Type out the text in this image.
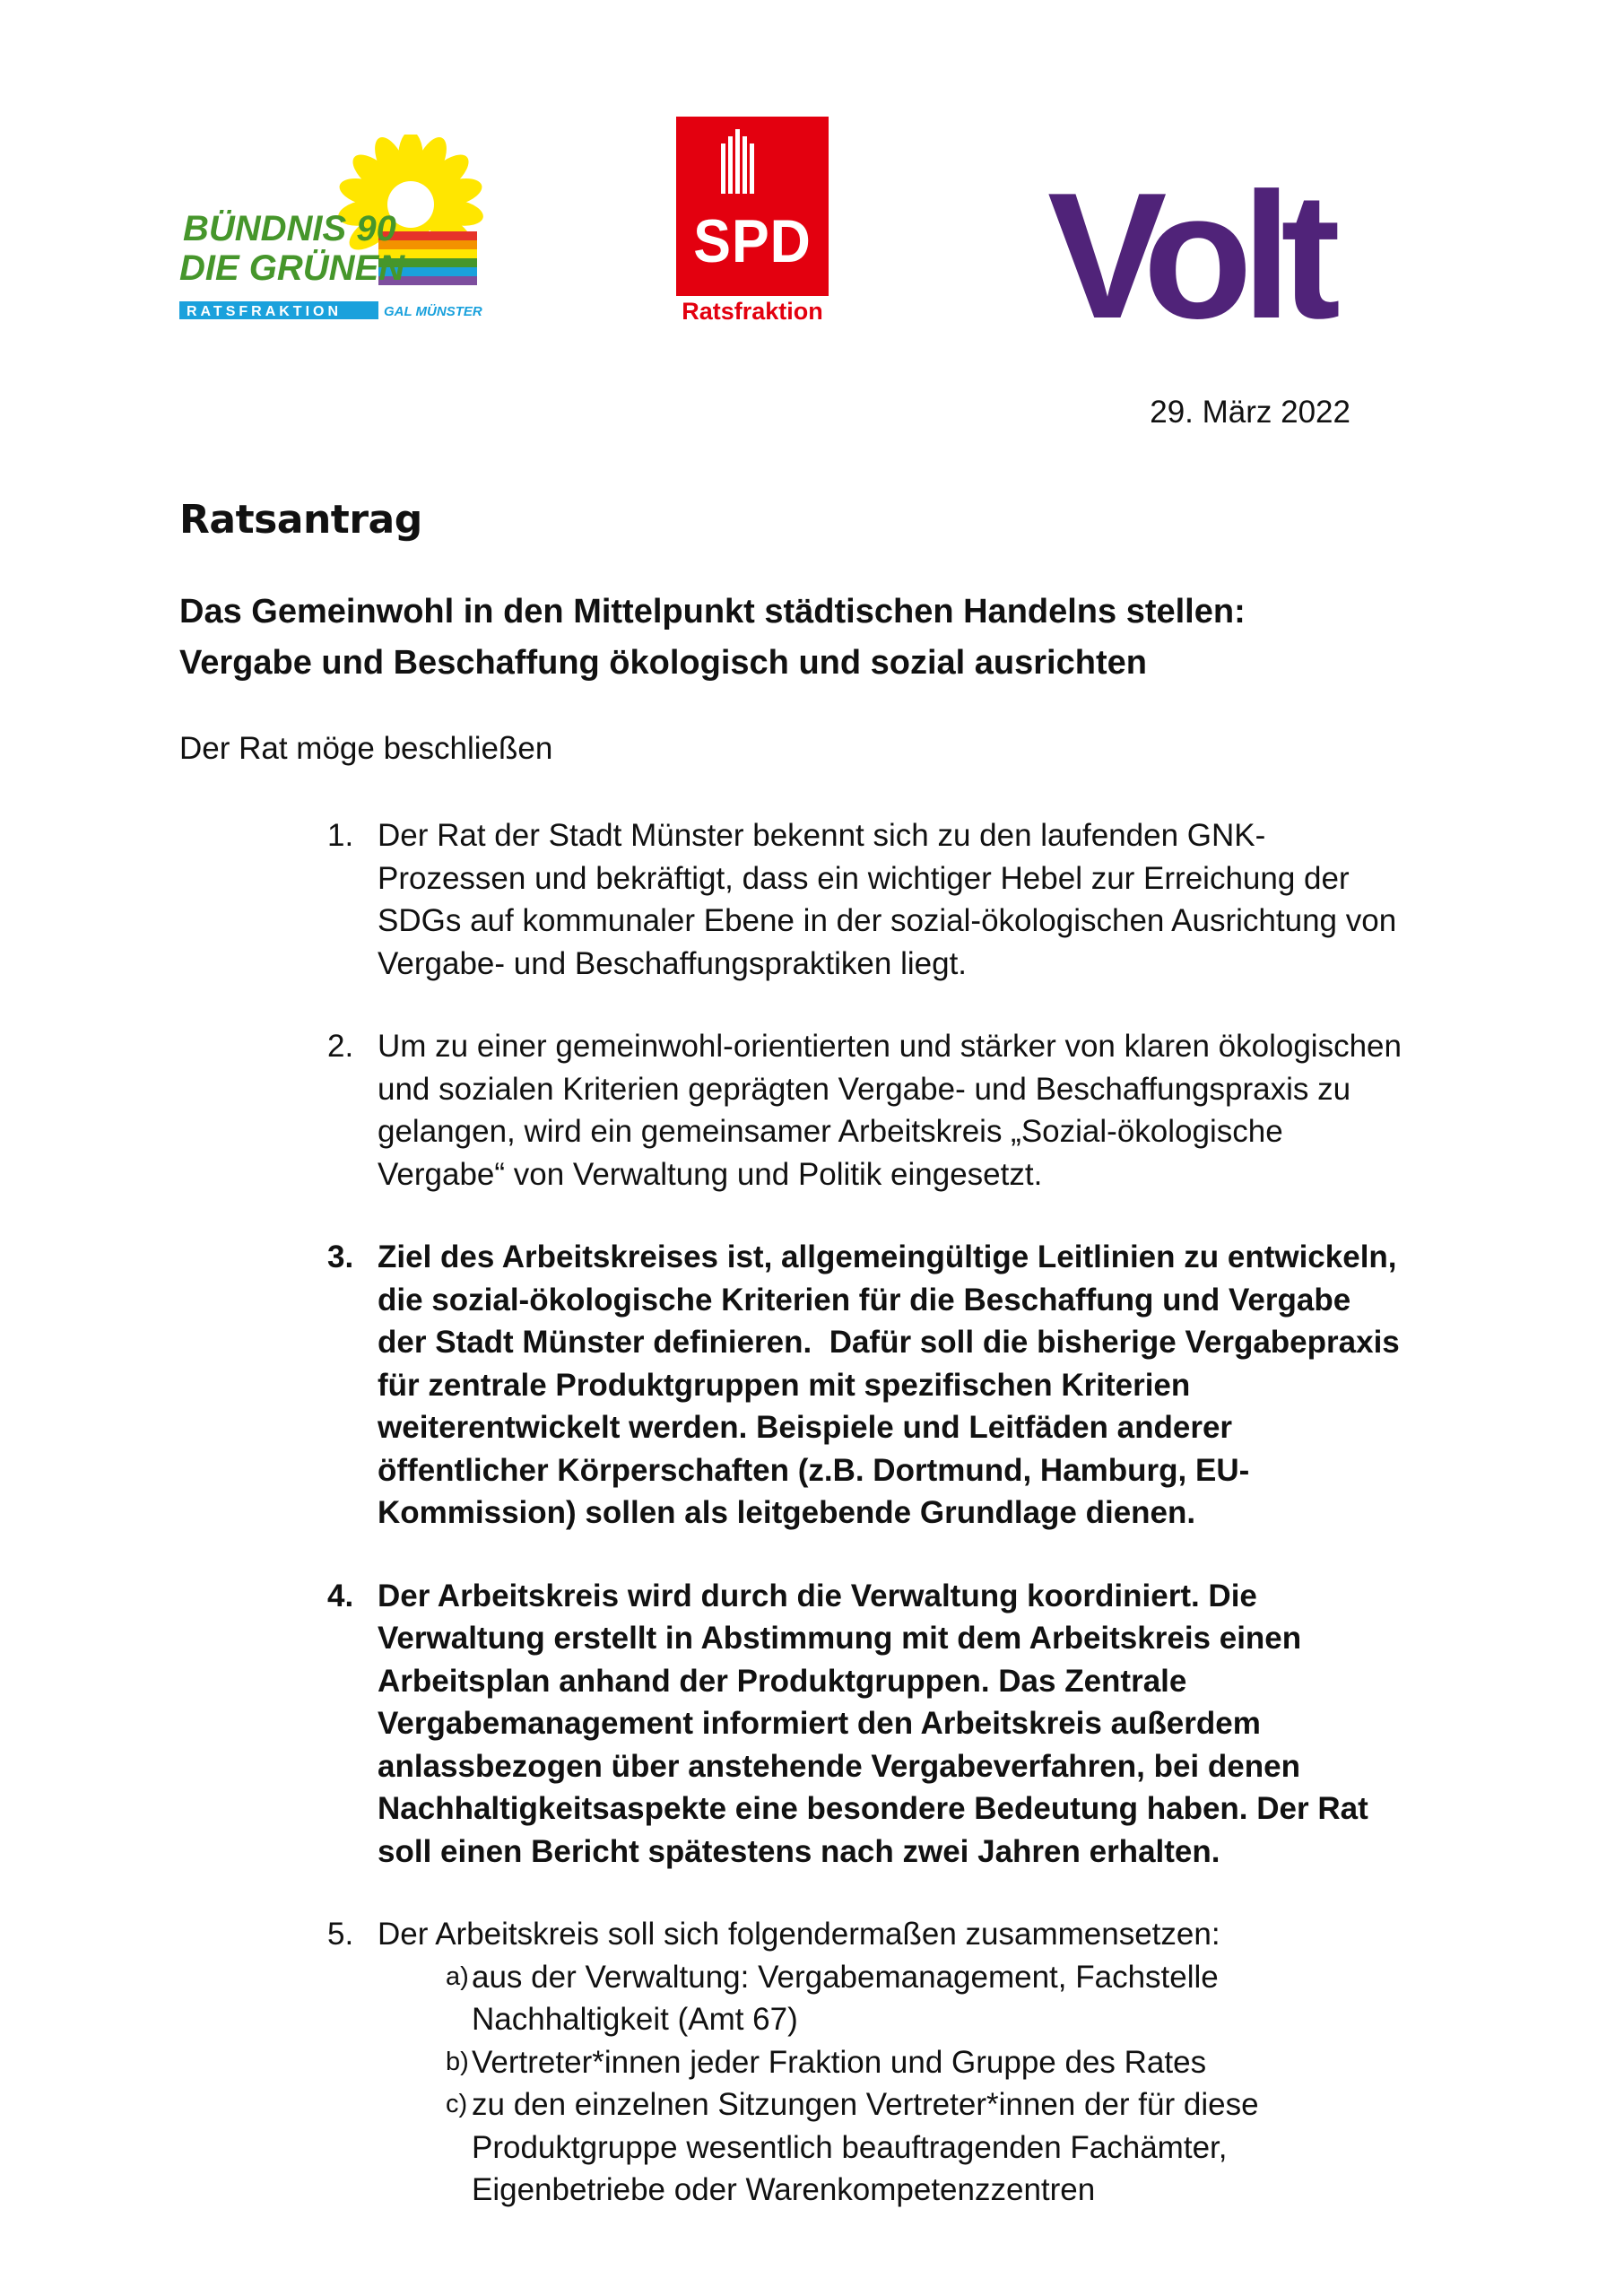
BÜNDNIS 90
DIE GRÜNEN
RATSFRAKTION	GAL MÜNSTER
SPD
Ratsfraktion Volt
29. März 2022
Ratsantrag
Das Gemeinwohl in den Mittelpunkt städtischen Handelns stellen:
Vergabe und Beschaffung ökologisch und sozial ausrichten
Der Rat möge beschließen
1. Der Rat der Stadt Münster bekennt sich zu den laufenden GNK-
Prozessen und bekräftigt, dass ein wichtiger Hebel zur Erreichung der
SDGs auf kommunaler Ebene in der sozial-ökologischen Ausrichtung von
Vergabe- und Beschaffungspraktiken liegt.
2. Um zu einer gemeinwohl-orientierten und stärker von klaren ökologischen
und sozialen Kriterien geprägten Vergabe- und Beschaffungspraxis zu
gelangen, wird ein gemeinsamer Arbeitskreis „Sozial-ökologische
Vergabe“ von Verwaltung und Politik eingesetzt.
3. Ziel des Arbeitskreises ist, allgemeingültige Leitlinien zu entwickeln,
die sozial-ökologische Kriterien für die Beschaffung und Vergabe
der Stadt Münster definieren.  Dafür soll die bisherige Vergabepraxis
für zentrale Produktgruppen mit spezifischen Kriterien
weiterentwickelt werden. Beispiele und Leitfäden anderer
öffentlicher Körperschaften (z.B. Dortmund, Hamburg, EU-
Kommission) sollen als leitgebende Grundlage dienen.
4. Der Arbeitskreis wird durch die Verwaltung koordiniert. Die
Verwaltung erstellt in Abstimmung mit dem Arbeitskreis einen
Arbeitsplan anhand der Produktgruppen. Das Zentrale
Vergabemanagement informiert den Arbeitskreis außerdem
anlassbezogen über anstehende Vergabeverfahren, bei denen
Nachhaltigkeitsaspekte eine besondere Bedeutung haben. Der Rat
soll einen Bericht spätestens nach zwei Jahren erhalten.
5. Der Arbeitskreis soll sich folgendermaßen zusammensetzen:
a) aus der Verwaltung: Vergabemanagement, Fachstelle
Nachhaltigkeit (Amt 67)
b) Vertreter*innen jeder Fraktion und Gruppe des Rates
c) zu den einzelnen Sitzungen Vertreter*innen der für diese
Produktgruppe wesentlich beauftragenden Fachämter,
Eigenbetriebe oder Warenkompetenzzentren
